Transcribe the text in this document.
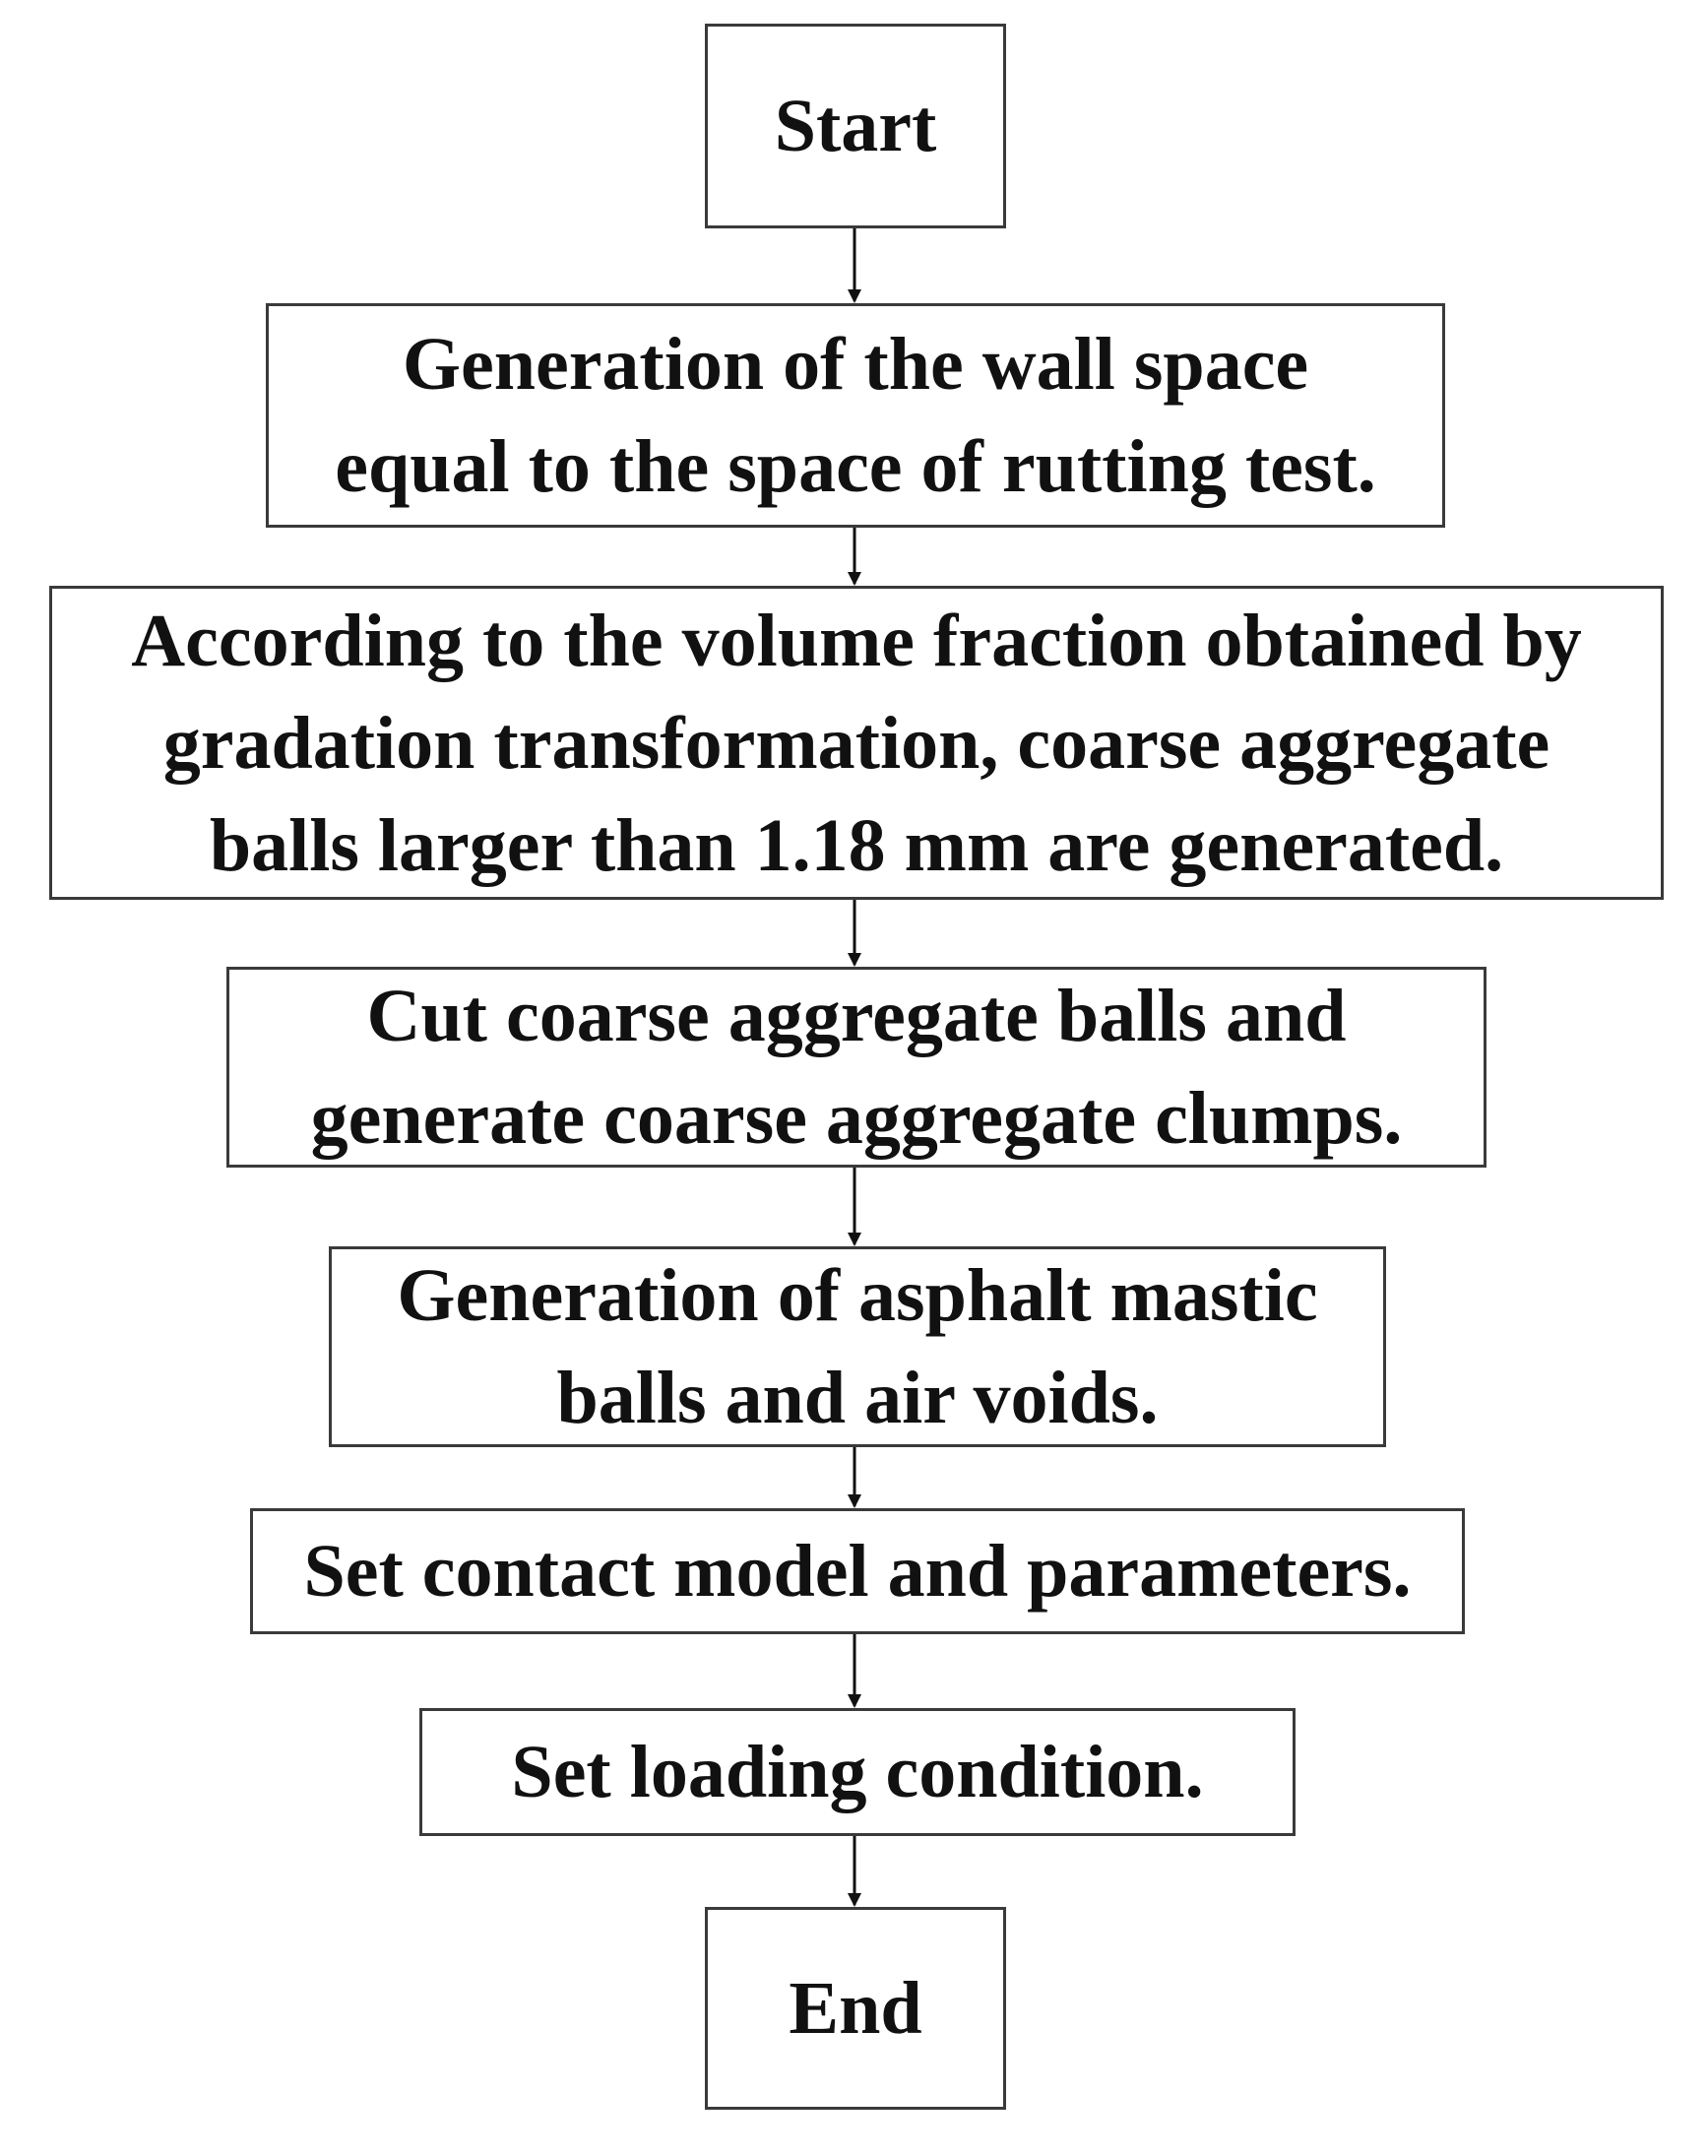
Start
Generation of the wall space
equal to the space of rutting test.
According to the volume fraction obtained by
gradation transformation, coarse aggregate
balls larger than 1.18 mm are generated.
Cut coarse aggregate balls and
generate coarse aggregate clumps.
Generation of asphalt mastic
balls and air voids.
Set contact model and parameters.
Set loading condition.
End
